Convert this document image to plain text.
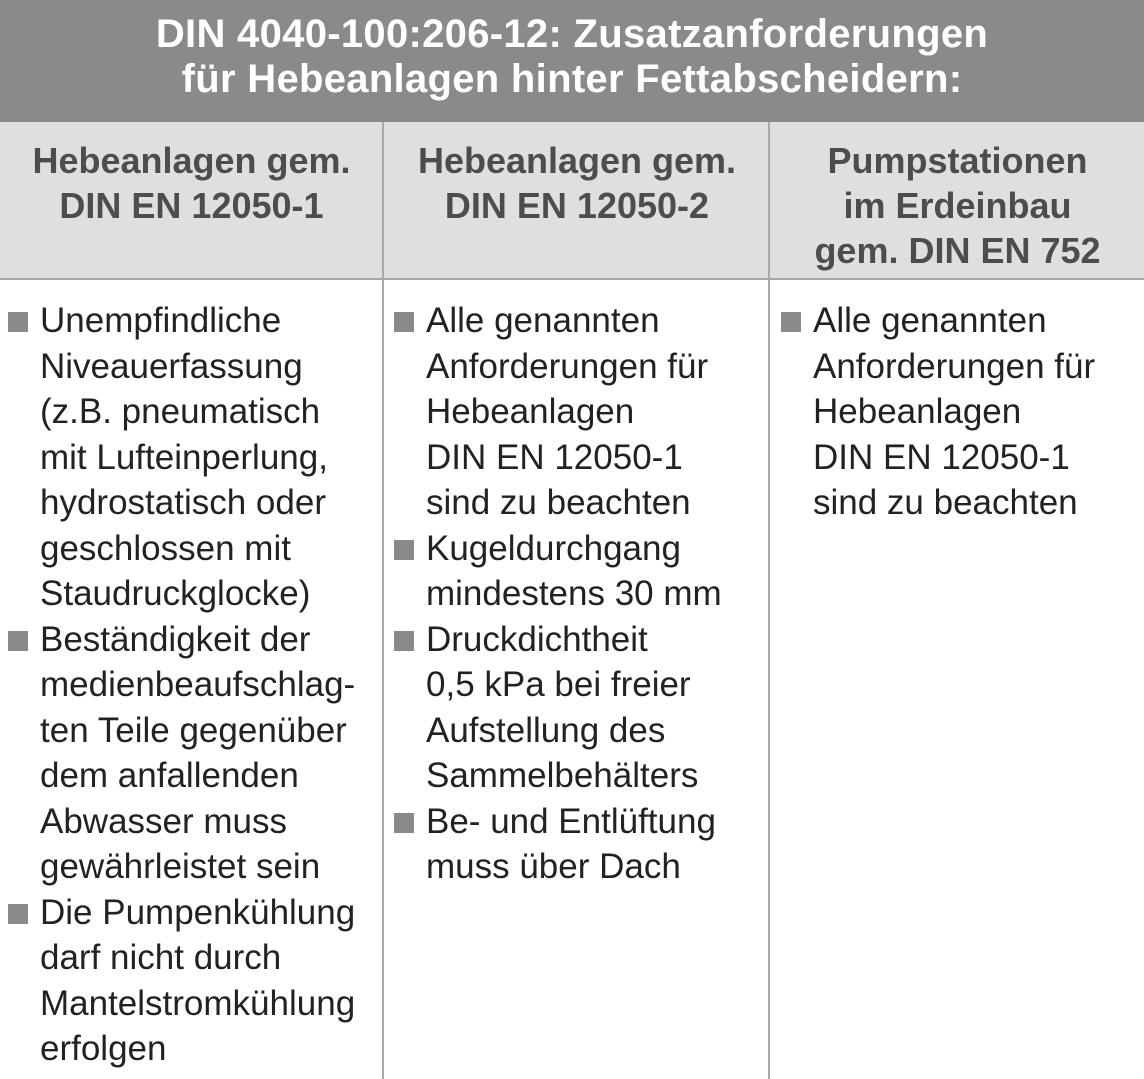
DIN 4040-100:206-12: Zusatzanforderungen
für Hebeanlagen hinter Fettabscheidern:
Hebeanlagen gem.
DIN EN 12050-1
Hebeanlagen gem.
DIN EN 12050-2
Pumpstationen
im Erdeinbau
gem. DIN EN 752
Unempfindliche
Niveauerfassung
(z.B. pneumatisch
mit Lufteinperlung,
hydrostatisch oder
geschlossen mit
Staudruckglocke)
Beständigkeit der
medienbeaufschlag-
ten Teile gegenüber
dem anfallenden
Abwasser muss
gewährleistet sein
Die Pumpenkühlung
darf nicht durch
Mantelstromkühlung
erfolgen
Alle genannten
Anforderungen für
Hebeanlagen
DIN EN 12050-1
sind zu beachten
Kugeldurchgang
mindestens 30 mm
Druckdichtheit
0,5 kPa bei freier
Aufstellung des
Sammelbehälters
Be- und Entlüftung
muss über Dach
Alle genannten
Anforderungen für
Hebeanlagen
DIN EN 12050-1
sind zu beachten
